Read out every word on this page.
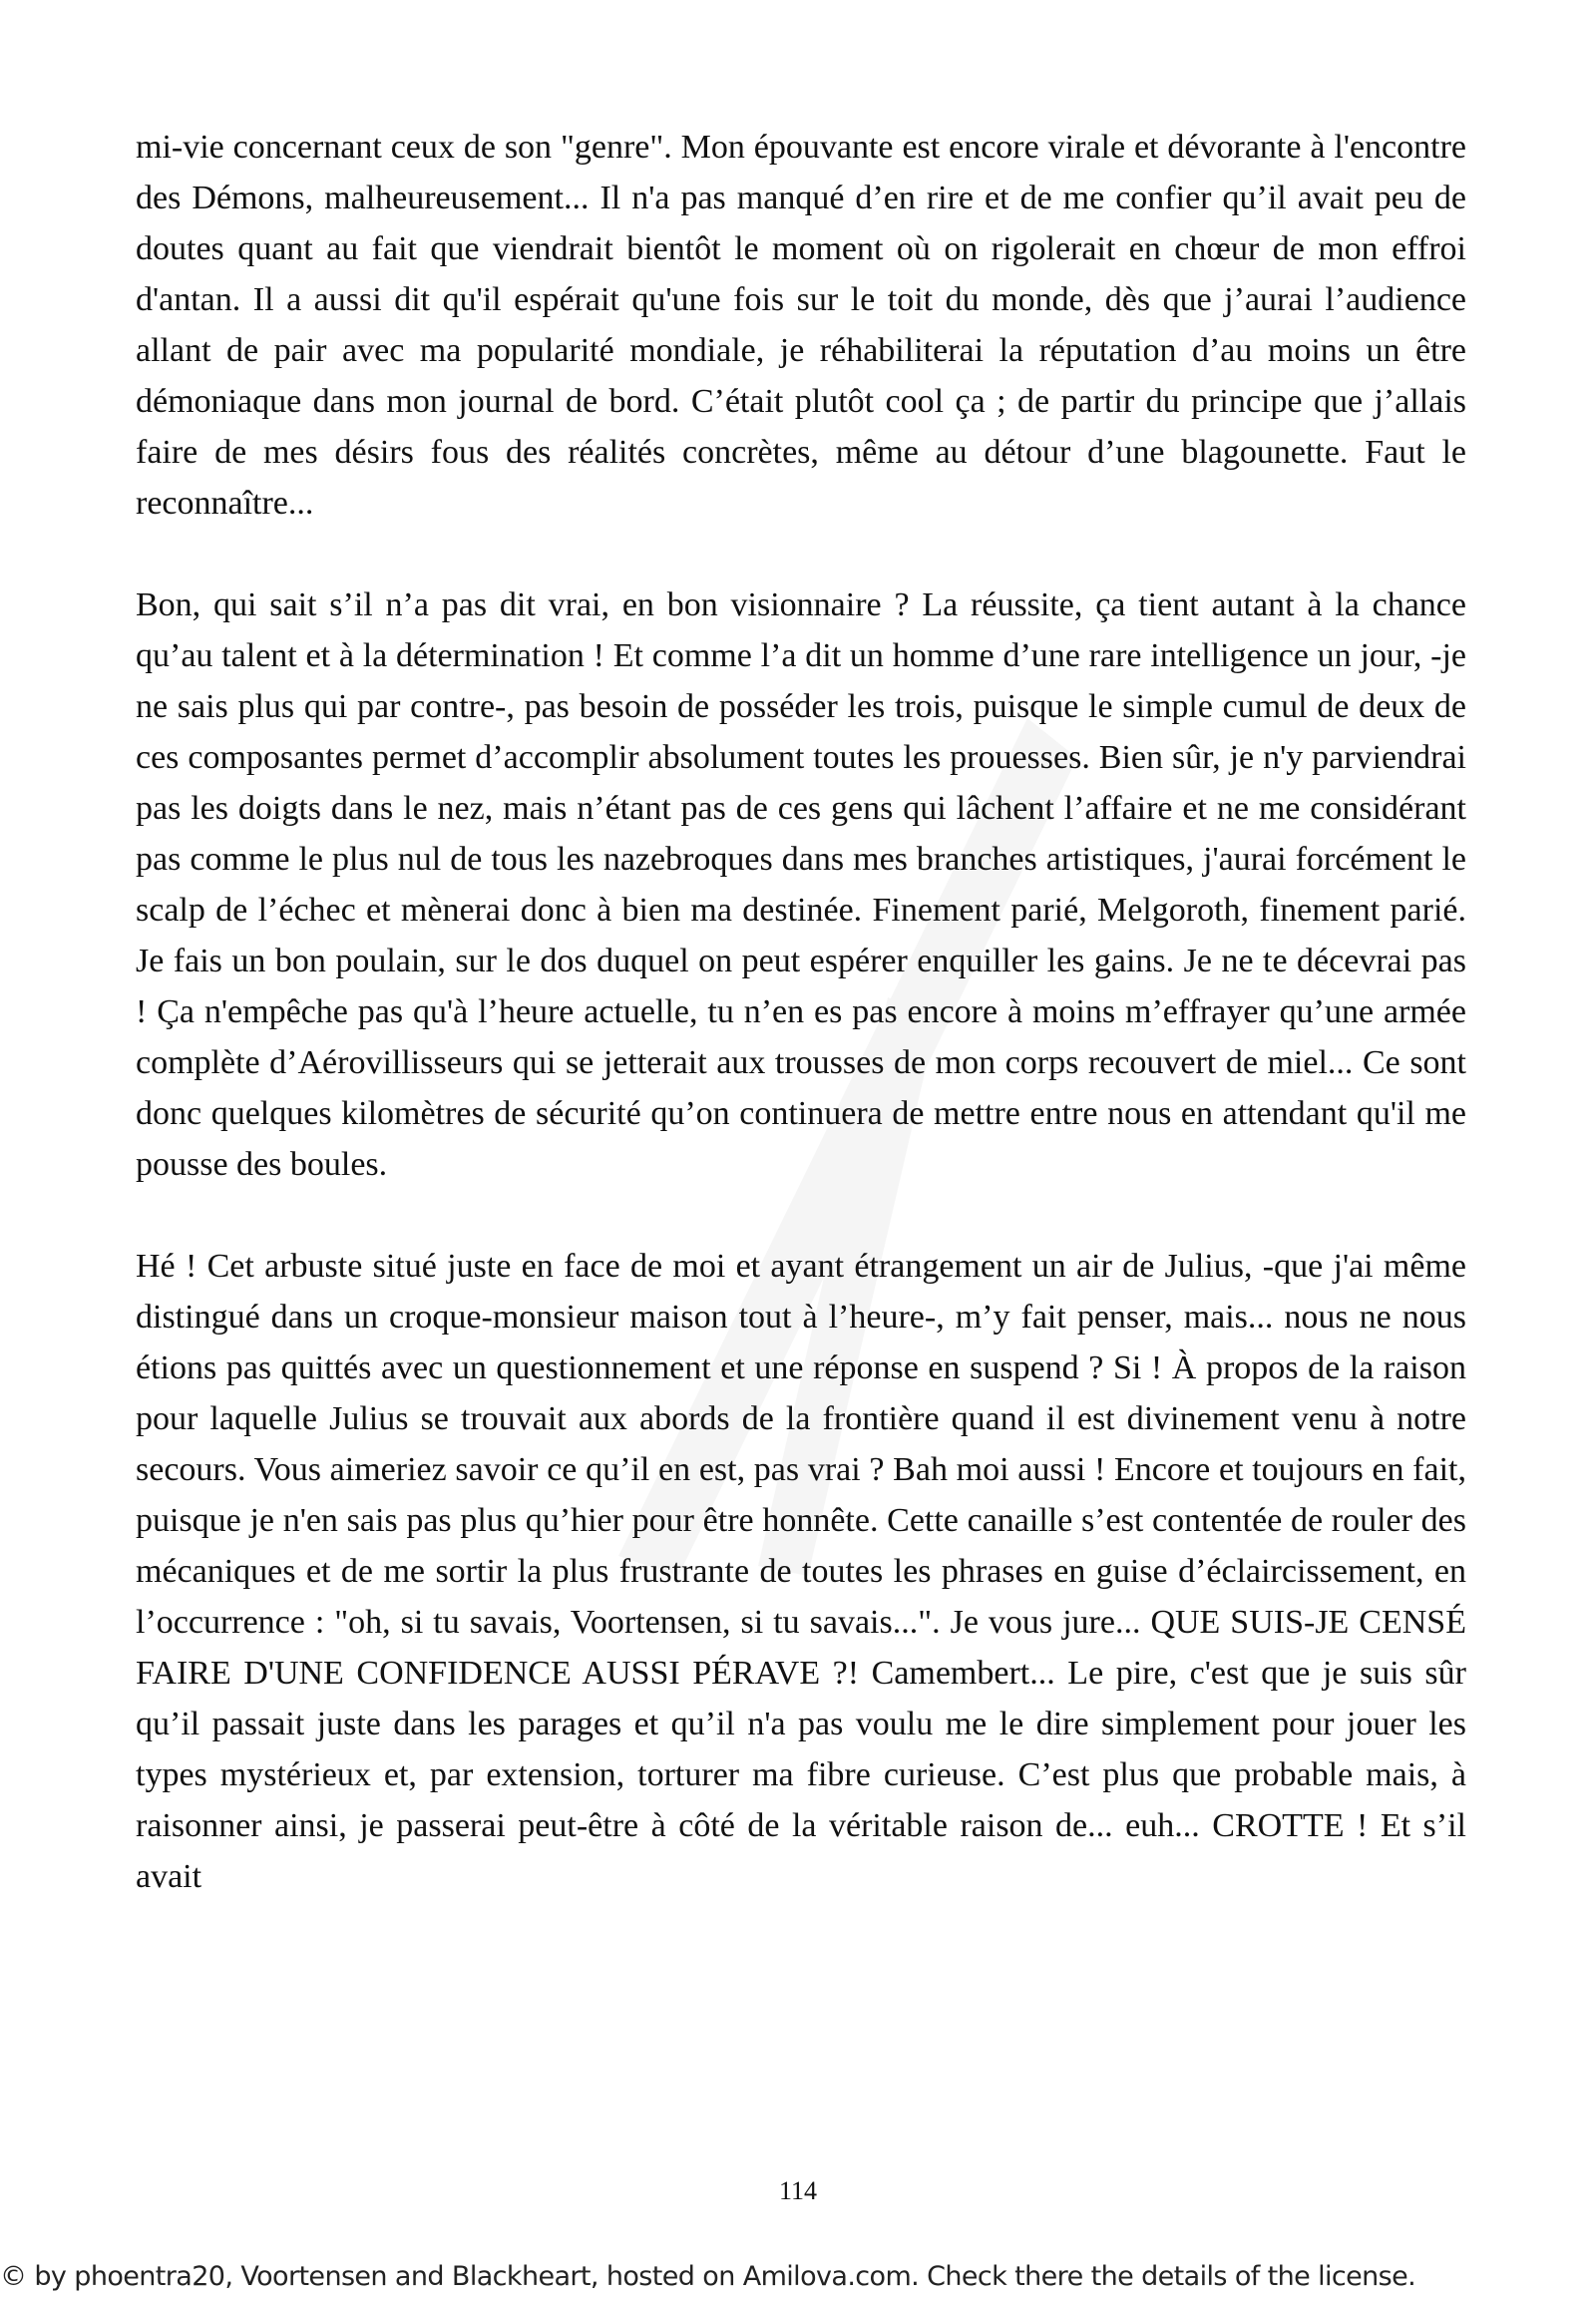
mi-vie concernant ceux de son "genre". Mon épouvante est encore virale et dévorante à l'encontre des Démons, malheureusement... Il n'a pas manqué d’en rire et de me confier qu’il avait peu de doutes quant au fait que viendrait bientôt le moment où on rigolerait en chœur de mon effroi d'antan. Il a aussi dit qu'il espérait qu'une fois sur le toit du monde, dès que j’aurai l’audience allant de pair avec ma popularité mondiale, je réhabiliterai la réputation d’au moins un être démoniaque dans mon journal de bord. C’était plutôt cool ça ; de partir du principe que j’allais faire de mes désirs fous des réalités concrètes, même au détour d’une blagounette. Faut le reconnaître...

Bon, qui sait s’il n’a pas dit vrai, en bon visionnaire ? La réussite, ça tient autant à la chance qu’au talent et à la détermination ! Et comme l’a dit un homme d’une rare intelligence un jour, -je ne sais plus qui par contre-, pas besoin de posséder les trois, puisque le simple cumul de deux de ces composantes permet d’accomplir absolument toutes les prouesses. Bien sûr, je n'y parviendrai pas les doigts dans le nez, mais n’étant pas de ces gens qui lâchent l’affaire et ne me considérant pas comme le plus nul de tous les nazebroques dans mes branches artistiques, j'aurai forcément le scalp de l’échec et mènerai donc à bien ma destinée. Finement parié, Melgoroth, finement parié. Je fais un bon poulain, sur le dos duquel on peut espérer enquiller les gains. Je ne te décevrai pas ! Ça n'empêche pas qu'à l’heure actuelle, tu n’en es pas encore à moins m’effrayer qu’une armée complète d’Aérovillisseurs qui se jetterait aux trousses de mon corps recouvert de miel... Ce sont donc quelques kilomètres de sécurité qu’on continuera de mettre entre nous en attendant qu'il me pousse des boules.

Hé ! Cet arbuste situé juste en face de moi et ayant étrangement un air de Julius, -que j'ai même distingué dans un croque-monsieur maison tout à l’heure-, m’y fait penser, mais... nous ne nous étions pas quittés avec un questionnement et une réponse en suspend ? Si ! À propos de la raison pour laquelle Julius se trouvait aux abords de la frontière quand il est divinement venu à notre secours. Vous aimeriez savoir ce qu’il en est, pas vrai ? Bah moi aussi ! Encore et toujours en fait, puisque je n'en sais pas plus qu’hier pour être honnête. Cette canaille s’est contentée de rouler des mécaniques et de me sortir la plus frustrante de toutes les phrases en guise d’éclaircissement, en l’occurrence : "oh, si tu savais, Voortensen, si tu savais...". Je vous jure... QUE SUIS-JE CENSÉ FAIRE D'UNE CONFIDENCE AUSSI PÉRAVE ?! Camembert... Le pire, c'est que je suis sûr qu’il passait juste dans les parages et qu’il n'a pas voulu me le dire simplement pour jouer les types mystérieux et, par extension, torturer ma fibre curieuse. C’est plus que probable mais, à raisonner ainsi, je passerai peut-être à côté de la véritable raison de... euh... CROTTE ! Et s’il avait

114
© by phoentra20, Voortensen and Blackheart, hosted on Amilova.com. Check there the details of the license.
